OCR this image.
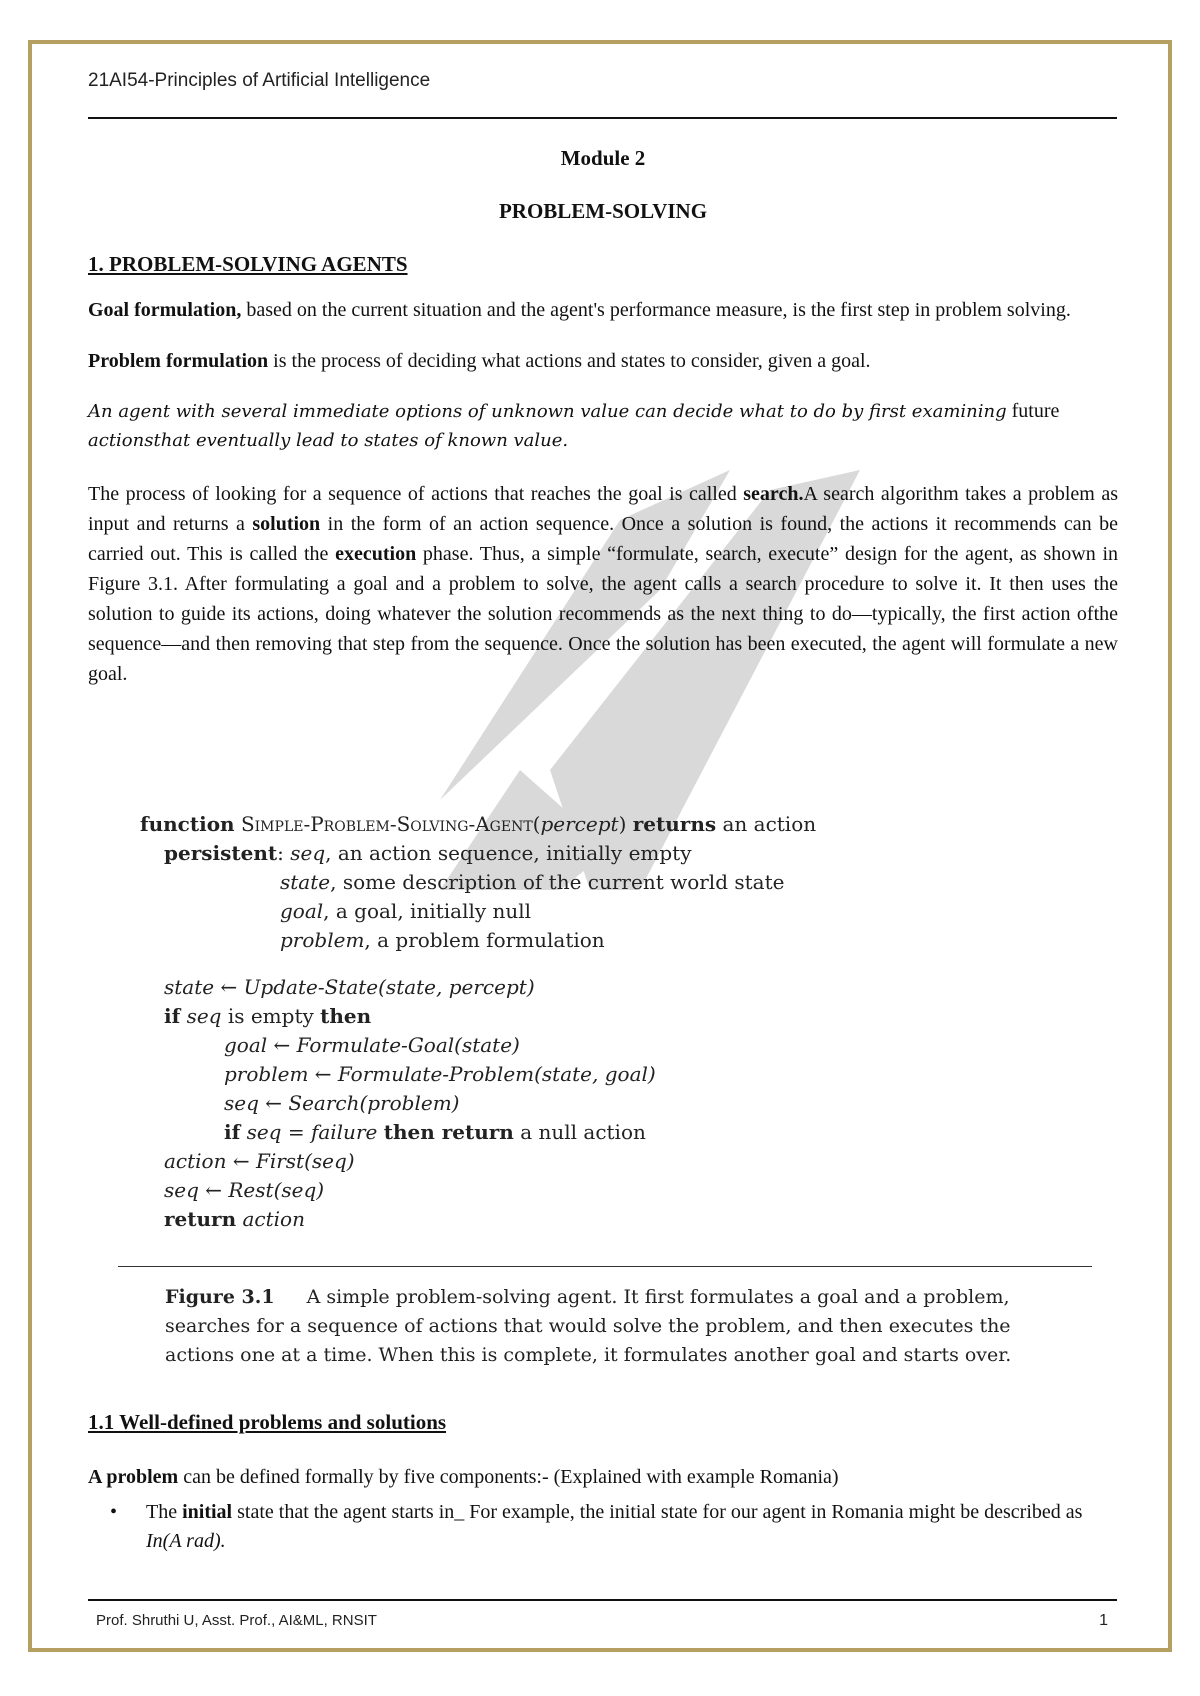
21AI54-Principles of Artificial Intelligence
Module 2
PROBLEM-SOLVING
1. PROBLEM-SOLVING AGENTS

Goal formulation, based on the current situation and the agent's performance measure, is the first step in problem solving.

Problem formulation is the process of deciding what actions and states to consider, given a goal.

An agent with several immediate options of unknown value can decide what to do by first examining future
actionsthat eventually lead to states of known value.

The process of looking for a sequence of actions that reaches the goal is called search.A search algorithm takes a problem as input and returns a solution in the form of an action sequence. Once a solution is found, the actions it recommends can be carried out. This is called the execution phase. Thus, a simple “formulate, search, execute” design for the agent, as shown in Figure 3.1. After formulating a goal and a problem to solve, the agent calls a search procedure to solve it. It then uses the solution to guide its actions, doing whatever the solution recommends as the next thing to do—typically, the first action ofthe sequence—and then removing that step from the sequence. Once the solution has been executed, the agent will formulate a new goal.

function Simple-Problem-Solving-Agent(percept) returns an action
persistent: seq, an action sequence, initially empty
state, some description of the current world state
goal, a goal, initially null
problem, a problem formulation
state ← Update-State(state, percept)
if seq is empty then
goal ← Formulate-Goal(state)
problem ← Formulate-Problem(state, goal)
seq ← Search(problem)
if seq = failure then return a null action
action ← First(seq)
seq ← Rest(seq)
return action
Figure 3.1 A simple problem-solving agent. It first formulates a goal and a problem, searches for a sequence of actions that would solve the problem, and then executes the actions one at a time. When this is complete, it formulates another goal and starts over.
1.1 Well-defined problems and solutions
A problem can be defined formally by five components:- (Explained with example Romania)
•	The initial state that the agent starts in_ For example, the initial state for our agent in Romania might be described as In(A rad).
Prof. Shruthi U, Asst. Prof., AI&ML, RNSIT	1
